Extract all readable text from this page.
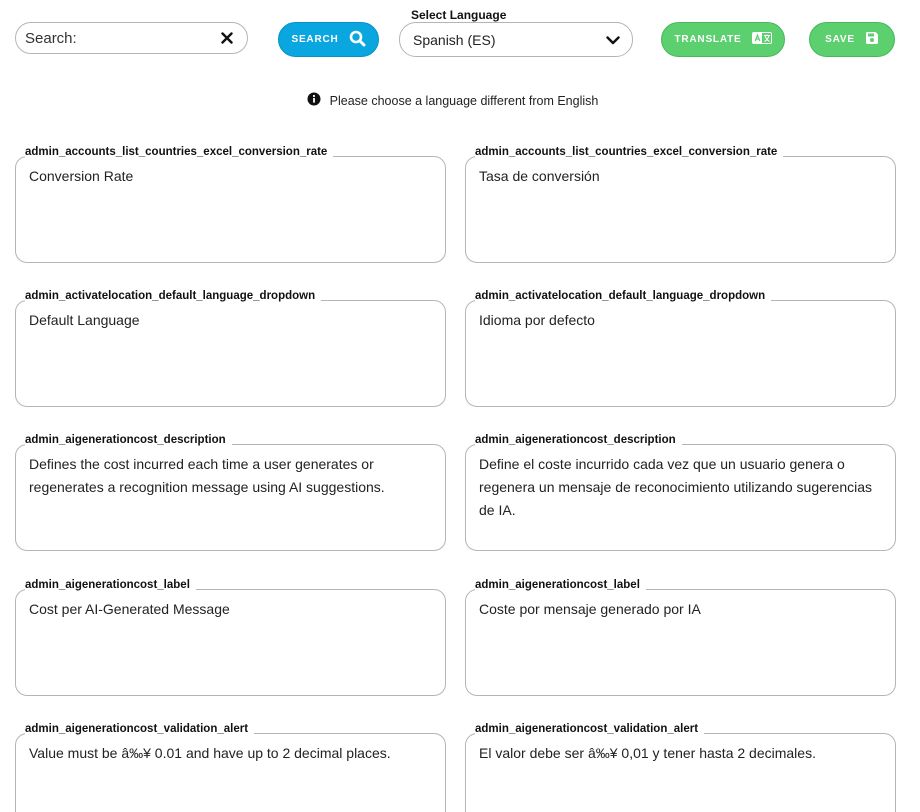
Search:
SEARCH
Select Language
Spanish (ES)	TRANSLATE	SAVE
Please choose a language different from English
admin_accounts_list_countries_excel_conversion_rate
Conversion Rate	admin_accounts_list_countries_excel_conversion_rate
Tasa de conversión
admin_activatelocation_default_language_dropdown
Default Language	admin_activatelocation_default_language_dropdown
Idioma por defecto
admin_aigenerationcost_description
Defines the cost incurred each time a user generates or regenerates a recognition message using AI suggestions.	admin_aigenerationcost_description
Define el coste incurrido cada vez que un usuario genera o regenera un mensaje de reconocimiento utilizando sugerencias de IA.
admin_aigenerationcost_label
Cost per AI-Generated Message	admin_aigenerationcost_label
Coste por mensaje generado por IA
admin_aigenerationcost_validation_alert
Value must be â‰¥ 0.01 and have up to 2 decimal places.	admin_aigenerationcost_validation_alert
El valor debe ser â‰¥ 0,01 y tener hasta 2 decimales.
